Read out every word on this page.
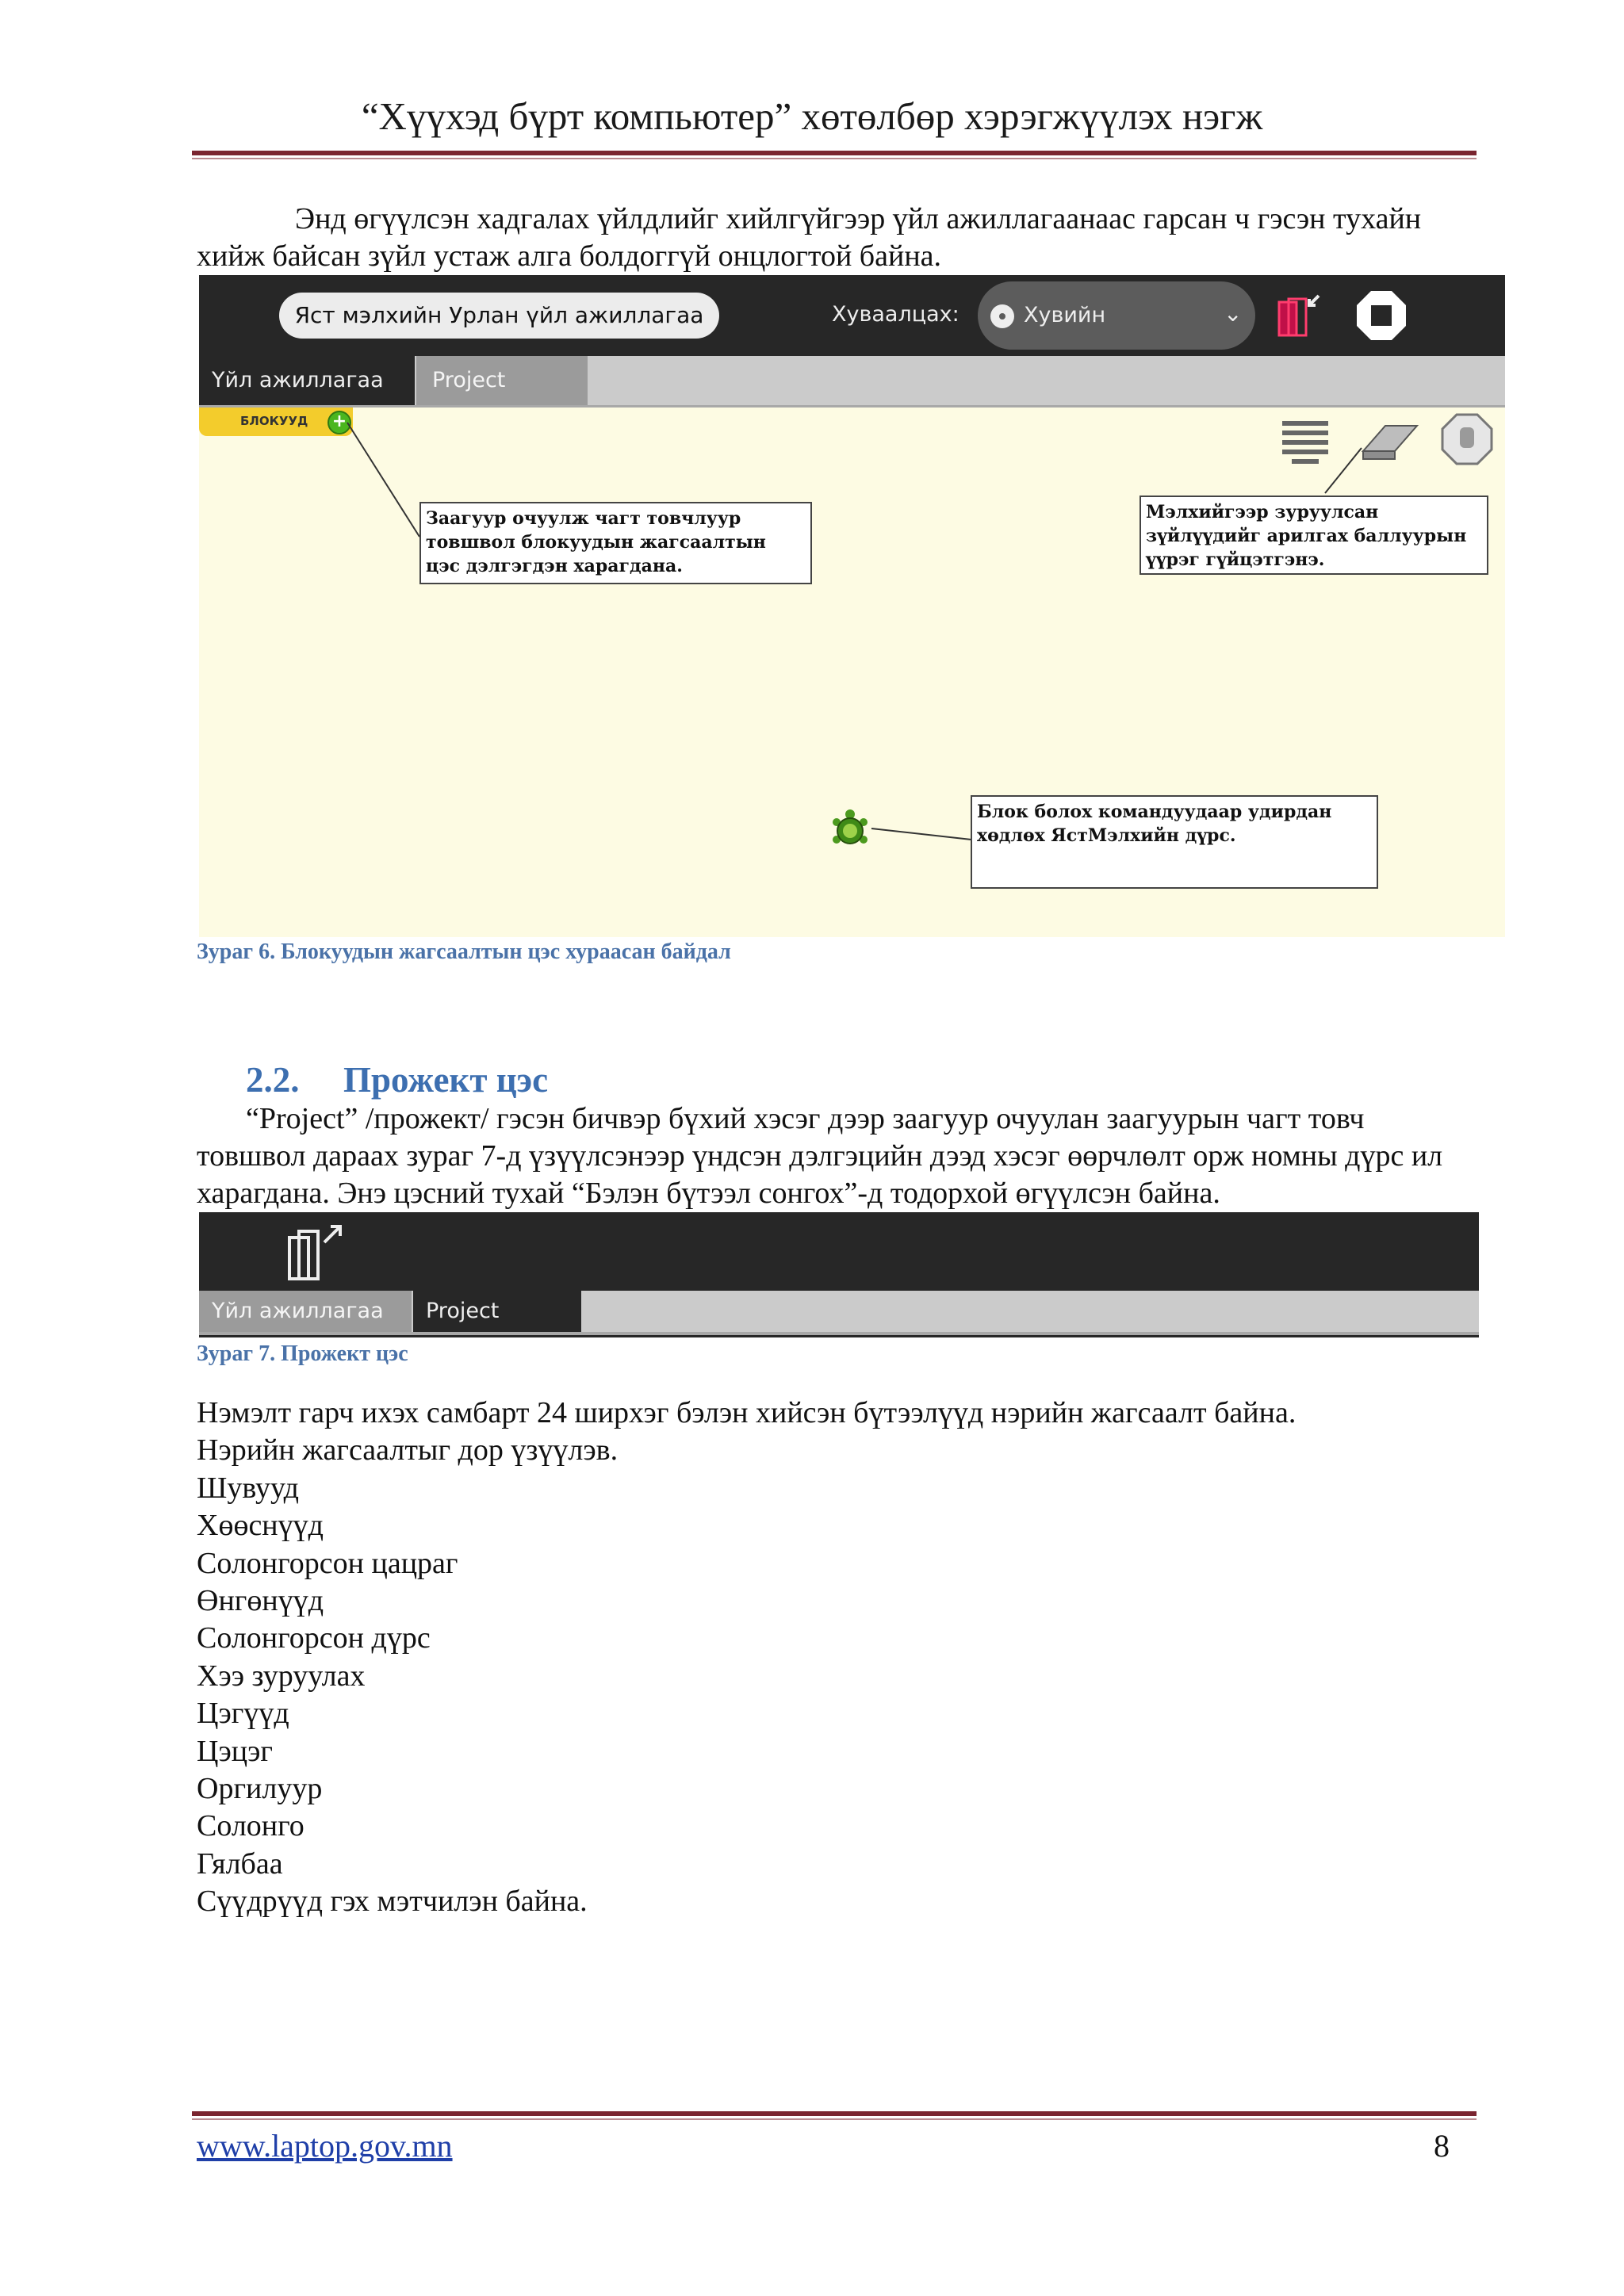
“Хүүхэд бүрт компьютер” хөтөлбөр хэрэгжүүлэх нэгж
Энд өгүүлсэн хадгалах үйлдлийг хийлгүйгээр үйл ажиллагаанаас гарсан ч гэсэн тухайн хийж байсан зүйл устаж алга болдоггүй онцлогтой байна.
Яст мэлхийн Урлан үйл ажиллагаа	Хуваалцах:	Хувийн	⌄
Үйл ажиллагаа	Project
БЛОКУУД +
Заагуур очуулж чагт товчлуур товшвол блокуудын жагсаалтын цэс дэлгэгдэн харагдана.
Мэлхийгээр зуруулсан зүйлүүдийг арилгах баллуурын үүрэг гүйцэтгэнэ.
Блок болох командуудаар удирдан хөдлөх ЯстМэлхийн дүрс.
Зураг 6. Блокуудын жагсаалтын цэс хураасан байдал
2.2. Прожект цэс
“Project” /прожект/ гэсэн бичвэр бүхий хэсэг дээр заагуур очуулан заагуурын чагт товч товшвол дараах зураг 7-д үзүүлсэнээр үндсэн дэлгэцийн дээд хэсэг өөрчлөлт орж номны дүрс ил харагдана. Энэ цэсний тухай “Бэлэн бүтээл сонгох”-д тодорхой өгүүлсэн байна.
Үйл ажиллагаа	Project
Зураг 7. Прожект цэс
Нэмэлт гарч ихэх самбарт 24 ширхэг бэлэн хийсэн бүтээлүүд нэрийн жагсаалт байна.
Нэрийн жагсаалтыг дор үзүүлэв.
Шувууд
Хөөснүүд
Солонгорсон цацраг
Өнгөнүүд
Солонгорсон дүрс
Хээ зуруулах
Цэгүүд
Цэцэг
Оргилуур
Солонго
Гялбаа
Сүүдрүүд гэх мэтчилэн байна.
www.laptop.gov.mn	8
